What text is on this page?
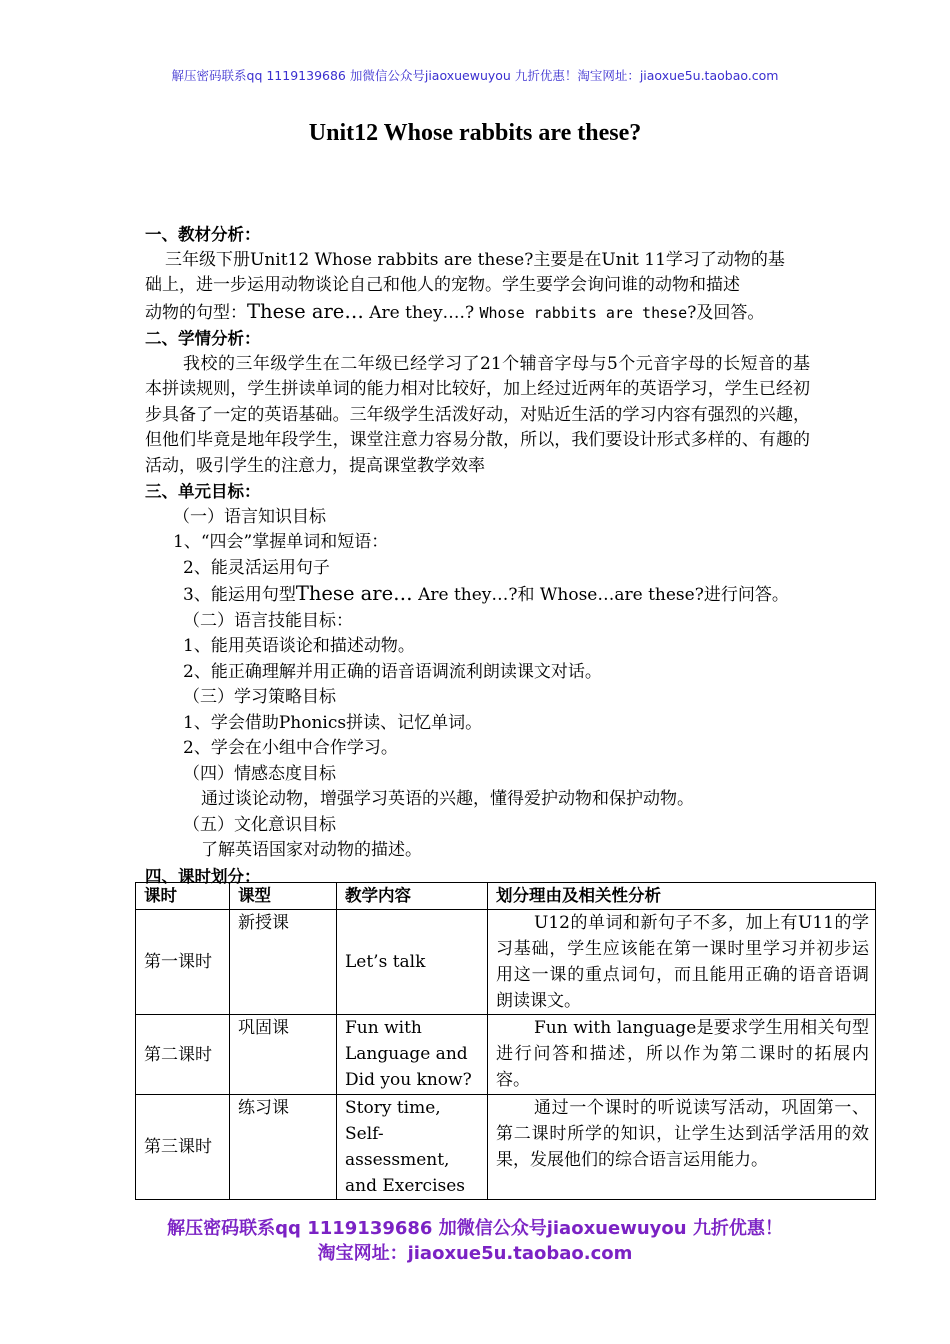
解压密码联系qq 1119139686 加微信公众号jiaoxuewuyou 九折优惠！淘宝网址：jiaoxue5u.taobao.com
Unit12 Whose rabbits are these?
一、教材分析：
三年级下册Unit12 Whose rabbits are these?主要是在Unit 11学习了动物的基
础上，进一步运用动物谈论自己和他人的宠物。学生要学会询问谁的动物和描述
动物的句型：These are… Are they….? Whose rabbits are these?及回答。
二、学情分析：
我校的三年级学生在二年级已经学习了21个辅音字母与5个元音字母的长短音的基本拼读规则，学生拼读单词的能力相对比较好，加上经过近两年的英语学习，学生已经初步具备了一定的英语基础。三年级学生活泼好动，对贴近生活的学习内容有强烈的兴趣，但他们毕竟是地年段学生，课堂注意力容易分散，所以，我们要设计形式多样的、有趣的活动，吸引学生的注意力，提高课堂教学效率
三、单元目标：
（一）语言知识目标
1、“四会”掌握单词和短语：
2、能灵活运用句子
3、能运用句型These are… Are they…?和 Whose…are these?进行问答。
（二）语言技能目标：
1、能用英语谈论和描述动物。
2、能正确理解并用正确的语音语调流利朗读课文对话。
（三）学习策略目标
1、学会借助Phonics拼读、记忆单词。
2、学会在小组中合作学习。
（四）情感态度目标
通过谈论动物，增强学习英语的兴趣，懂得爱护动物和保护动物。
（五）文化意识目标
了解英语国家对动物的描述。
四、课时划分：
课时	课型	教学内容	划分理由及相关性分析
第一课时	新授课	Let’s talk	U12的单词和新句子不多，加上有U11的学习基础，学生应该能在第一课时里学习并初步运用这一课的重点词句，而且能用正确的语音语调朗读课文。
第二课时	巩固课	Fun with Language and Did you know?	Fun with language是要求学生用相关句型进行问答和描述，所以作为第二课时的拓展内容。
第三课时	练习课	Story time, Self-assessment, and Exercises	通过一个课时的听说读写活动，巩固第一、第二课时所学的知识，让学生达到活学活用的效果，发展他们的综合语言运用能力。
解压密码联系qq 1119139686 加微信公众号jiaoxuewuyou 九折优惠！
淘宝网址：jiaoxue5u.taobao.com
